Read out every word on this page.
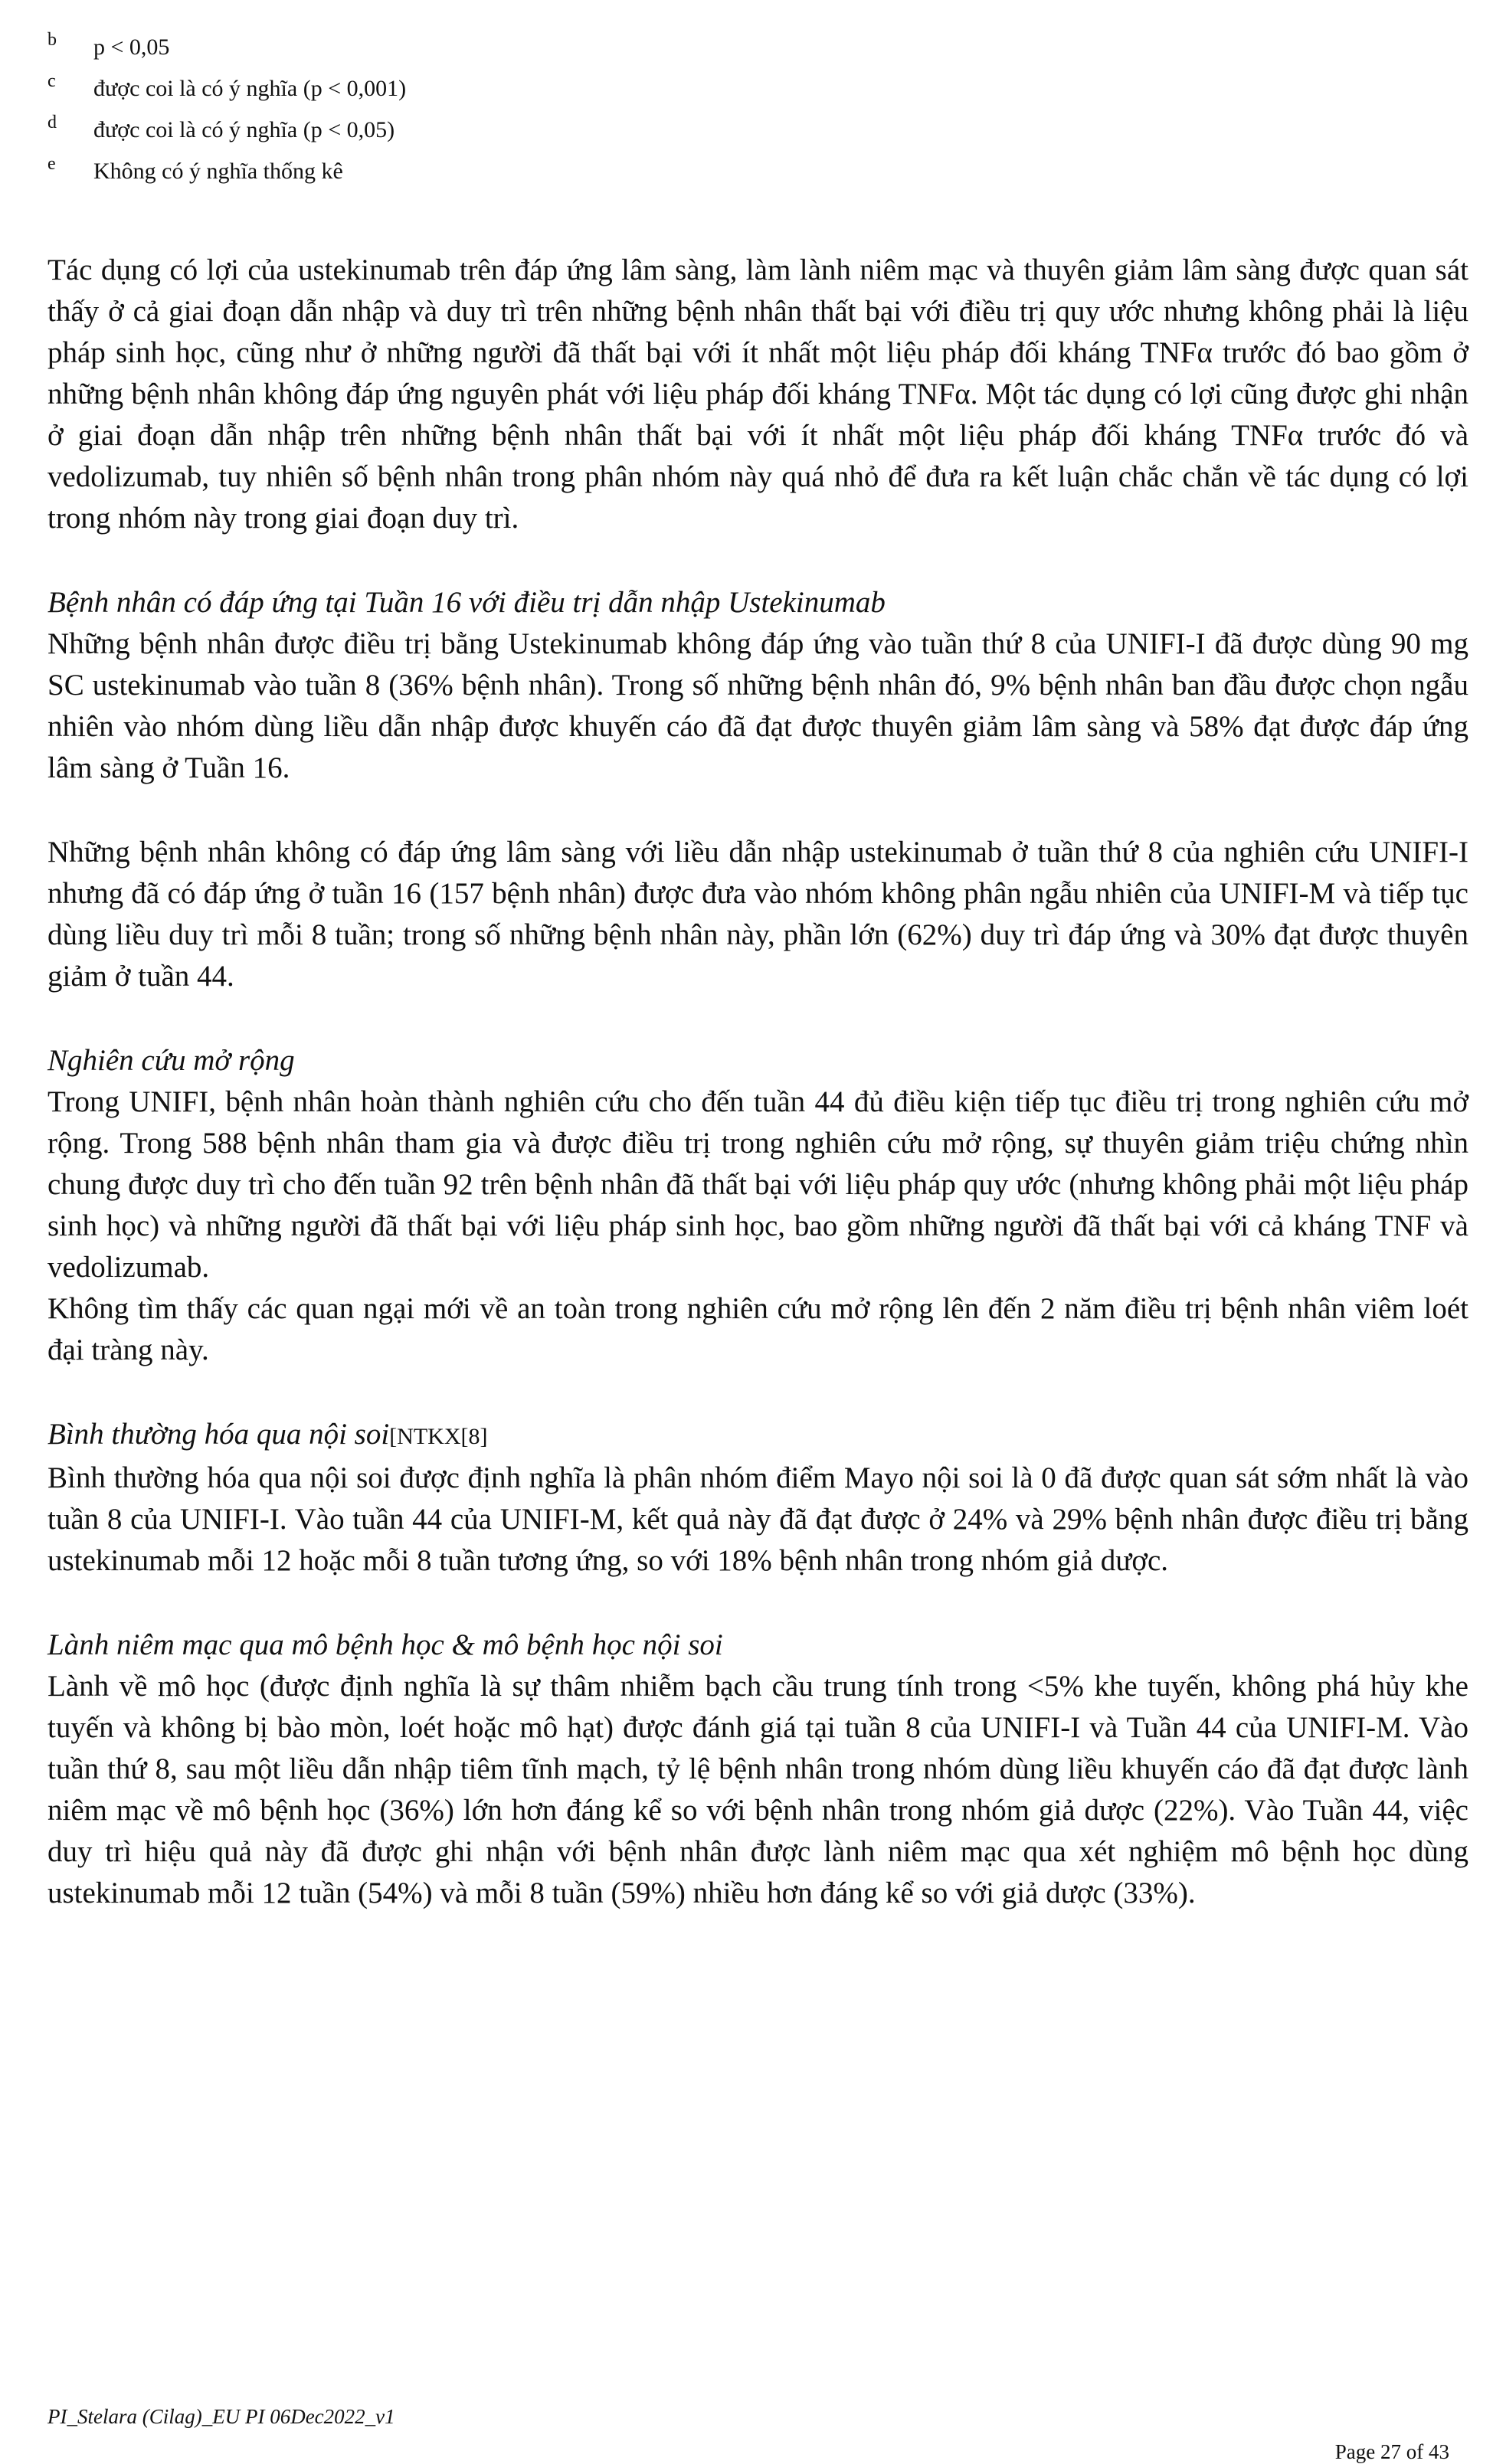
b p < 0,05
c được coi là có ý nghĩa (p < 0,001)
d được coi là có ý nghĩa (p < 0,05)
e Không có ý nghĩa thống kê

Tác dụng có lợi của ustekinumab trên đáp ứng lâm sàng, làm lành niêm mạc và thuyên giảm lâm sàng được quan sát thấy ở cả giai đoạn dẫn nhập và duy trì trên những bệnh nhân thất bại với điều trị quy ước nhưng không phải là liệu pháp sinh học, cũng như ở những người đã thất bại với ít nhất một liệu pháp đối kháng TNFα trước đó bao gồm ở những bệnh nhân không đáp ứng nguyên phát với liệu pháp đối kháng TNFα. Một tác dụng có lợi cũng được ghi nhận ở giai đoạn dẫn nhập trên những bệnh nhân thất bại với ít nhất một liệu pháp đối kháng TNFα trước đó và vedolizumab, tuy nhiên số bệnh nhân trong phân nhóm này quá nhỏ để đưa ra kết luận chắc chắn về tác dụng có lợi trong nhóm này trong giai đoạn duy trì.

Bệnh nhân có đáp ứng tại Tuần 16 với điều trị dẫn nhập Ustekinumab

Những bệnh nhân được điều trị bằng Ustekinumab không đáp ứng vào tuần thứ 8 của UNIFI-I đã được dùng 90 mg SC ustekinumab vào tuần 8 (36% bệnh nhân). Trong số những bệnh nhân đó, 9% bệnh nhân ban đầu được chọn ngẫu nhiên vào nhóm dùng liều dẫn nhập được khuyến cáo đã đạt được thuyên giảm lâm sàng và 58% đạt được đáp ứng lâm sàng ở Tuần 16.

Những bệnh nhân không có đáp ứng lâm sàng với liều dẫn nhập ustekinumab ở tuần thứ 8 của nghiên cứu UNIFI-I nhưng đã có đáp ứng ở tuần 16 (157 bệnh nhân) được đưa vào nhóm không phân ngẫu nhiên của UNIFI-M và tiếp tục dùng liều duy trì mỗi 8 tuần; trong số những bệnh nhân này, phần lớn (62%) duy trì đáp ứng và 30% đạt được thuyên giảm ở tuần 44.

Nghiên cứu mở rộng

Trong UNIFI, bệnh nhân hoàn thành nghiên cứu cho đến tuần 44 đủ điều kiện tiếp tục điều trị trong nghiên cứu mở rộng. Trong 588 bệnh nhân tham gia và được điều trị trong nghiên cứu mở rộng, sự thuyên giảm triệu chứng nhìn chung được duy trì cho đến tuần 92 trên bệnh nhân đã thất bại với liệu pháp quy ước (nhưng không phải một liệu pháp sinh học) và những người đã thất bại với liệu pháp sinh học, bao gồm những người đã thất bại với cả kháng TNF và vedolizumab.

Không tìm thấy các quan ngại mới về an toàn trong nghiên cứu mở rộng lên đến 2 năm điều trị bệnh nhân viêm loét đại tràng này.

Bình thường hóa qua nội soi[NTKX[8]

Bình thường hóa qua nội soi được định nghĩa là phân nhóm điểm Mayo nội soi là 0 đã được quan sát sớm nhất là vào tuần 8 của UNIFI-I. Vào tuần 44 của UNIFI-M, kết quả này đã đạt được ở 24% và 29% bệnh nhân được điều trị bằng ustekinumab mỗi 12 hoặc mỗi 8 tuần tương ứng, so với 18% bệnh nhân trong nhóm giả dược.

Lành niêm mạc qua mô bệnh học & mô bệnh học nội soi

Lành về mô học (được định nghĩa là sự thâm nhiễm bạch cầu trung tính trong <5% khe tuyến, không phá hủy khe tuyến và không bị bào mòn, loét hoặc mô hạt) được đánh giá tại tuần 8 của UNIFI-I và Tuần 44 của UNIFI-M. Vào tuần thứ 8, sau một liều dẫn nhập tiêm tĩnh mạch, tỷ lệ bệnh nhân trong nhóm dùng liều khuyến cáo đã đạt được lành niêm mạc về mô bệnh học (36%) lớn hơn đáng kể so với bệnh nhân trong nhóm giả dược (22%). Vào Tuần 44, việc duy trì hiệu quả này đã được ghi nhận với bệnh nhân được lành niêm mạc qua xét nghiệm mô bệnh học dùng ustekinumab mỗi 12 tuần (54%) và mỗi 8 tuần (59%) nhiều hơn đáng kể so với giả dược (33%).

PI_Stelara (Cilag)_EU PI 06Dec2022_v1
Page 27 of 43
